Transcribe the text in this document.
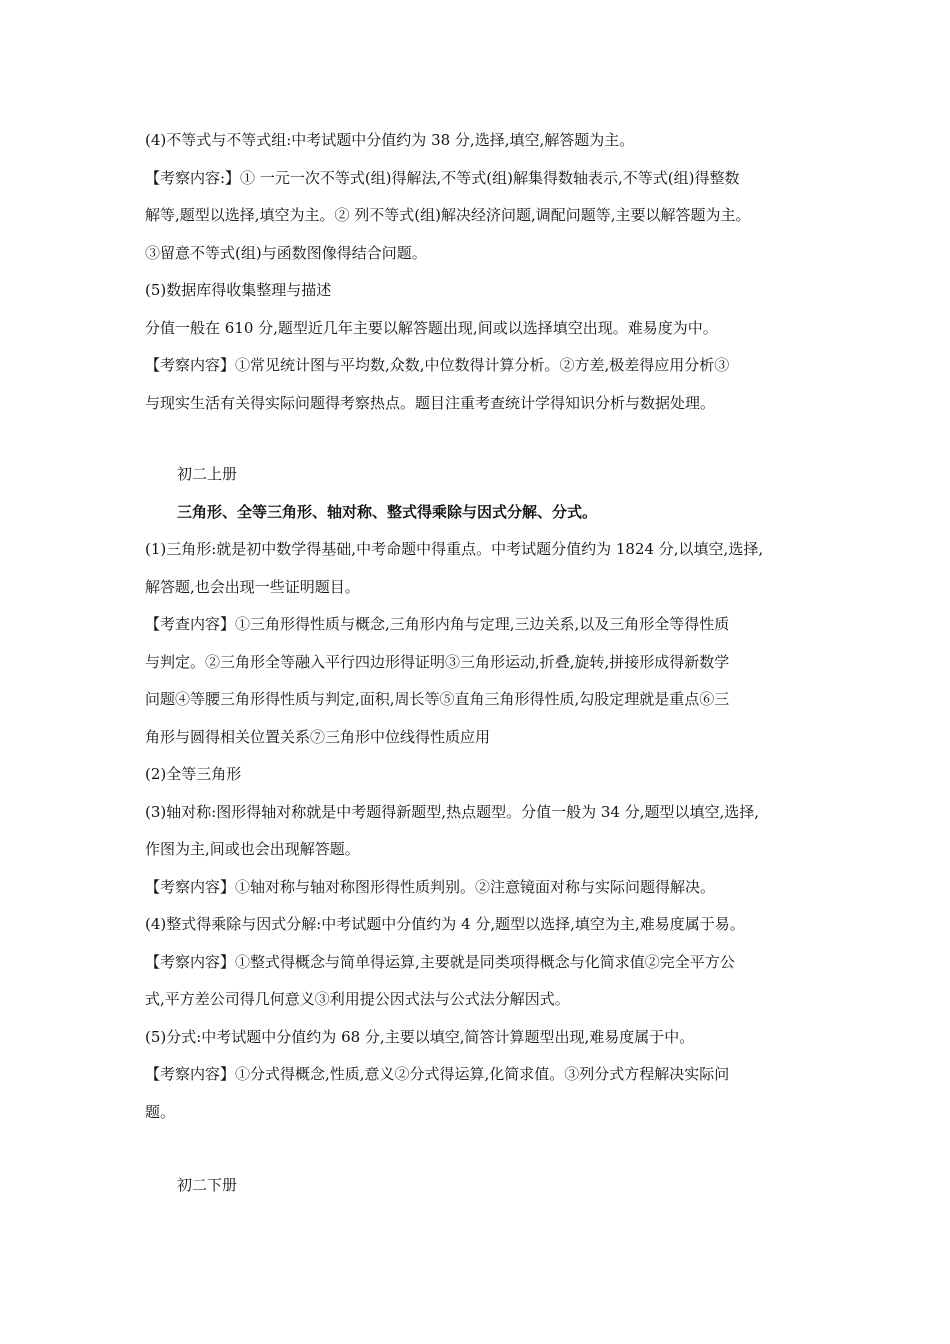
(4)不等式与不等式组:中考试题中分值约为 38 分,选择,填空,解答题为主。

【考察内容:】① 一元一次不等式(组)得解法,不等式(组)解集得数轴表示,不等式(组)得整数

解等,题型以选择,填空为主。② 列不等式(组)解决经济问题,调配问题等,主要以解答题为主。

③留意不等式(组)与函数图像得结合问题。

(5)数据库得收集整理与描述

分值一般在 610 分,题型近几年主要以解答题出现,间或以选择填空出现。难易度为中。

【考察内容】①常见统计图与平均数,众数,中位数得计算分析。②方差,极差得应用分析③

与现实生活有关得实际问题得考察热点。题目注重考查统计学得知识分析与数据处理。

初二上册

三角形、全等三角形、轴对称、整式得乘除与因式分解、分式。

(1)三角形:就是初中数学得基础,中考命题中得重点。中考试题分值约为 1824 分,以填空,选择,

解答题,也会出现一些证明题目。

【考查内容】①三角形得性质与概念,三角形内角与定理,三边关系,以及三角形全等得性质

与判定。②三角形全等融入平行四边形得证明③三角形运动,折叠,旋转,拼接形成得新数学

问题④等腰三角形得性质与判定,面积,周长等⑤直角三角形得性质,勾股定理就是重点⑥三

角形与圆得相关位置关系⑦三角形中位线得性质应用

(2)全等三角形

(3)轴对称:图形得轴对称就是中考题得新题型,热点题型。分值一般为 34 分,题型以填空,选择,

作图为主,间或也会出现解答题。

【考察内容】①轴对称与轴对称图形得性质判别。②注意镜面对称与实际问题得解决。

(4)整式得乘除与因式分解:中考试题中分值约为 4 分,题型以选择,填空为主,难易度属于易。

【考察内容】①整式得概念与简单得运算,主要就是同类项得概念与化简求值②完全平方公

式,平方差公司得几何意义③利用提公因式法与公式法分解因式。

(5)分式:中考试题中分值约为 68 分,主要以填空,简答计算题型出现,难易度属于中。

【考察内容】①分式得概念,性质,意义②分式得运算,化简求值。③列分式方程解决实际问

题。

初二下册
